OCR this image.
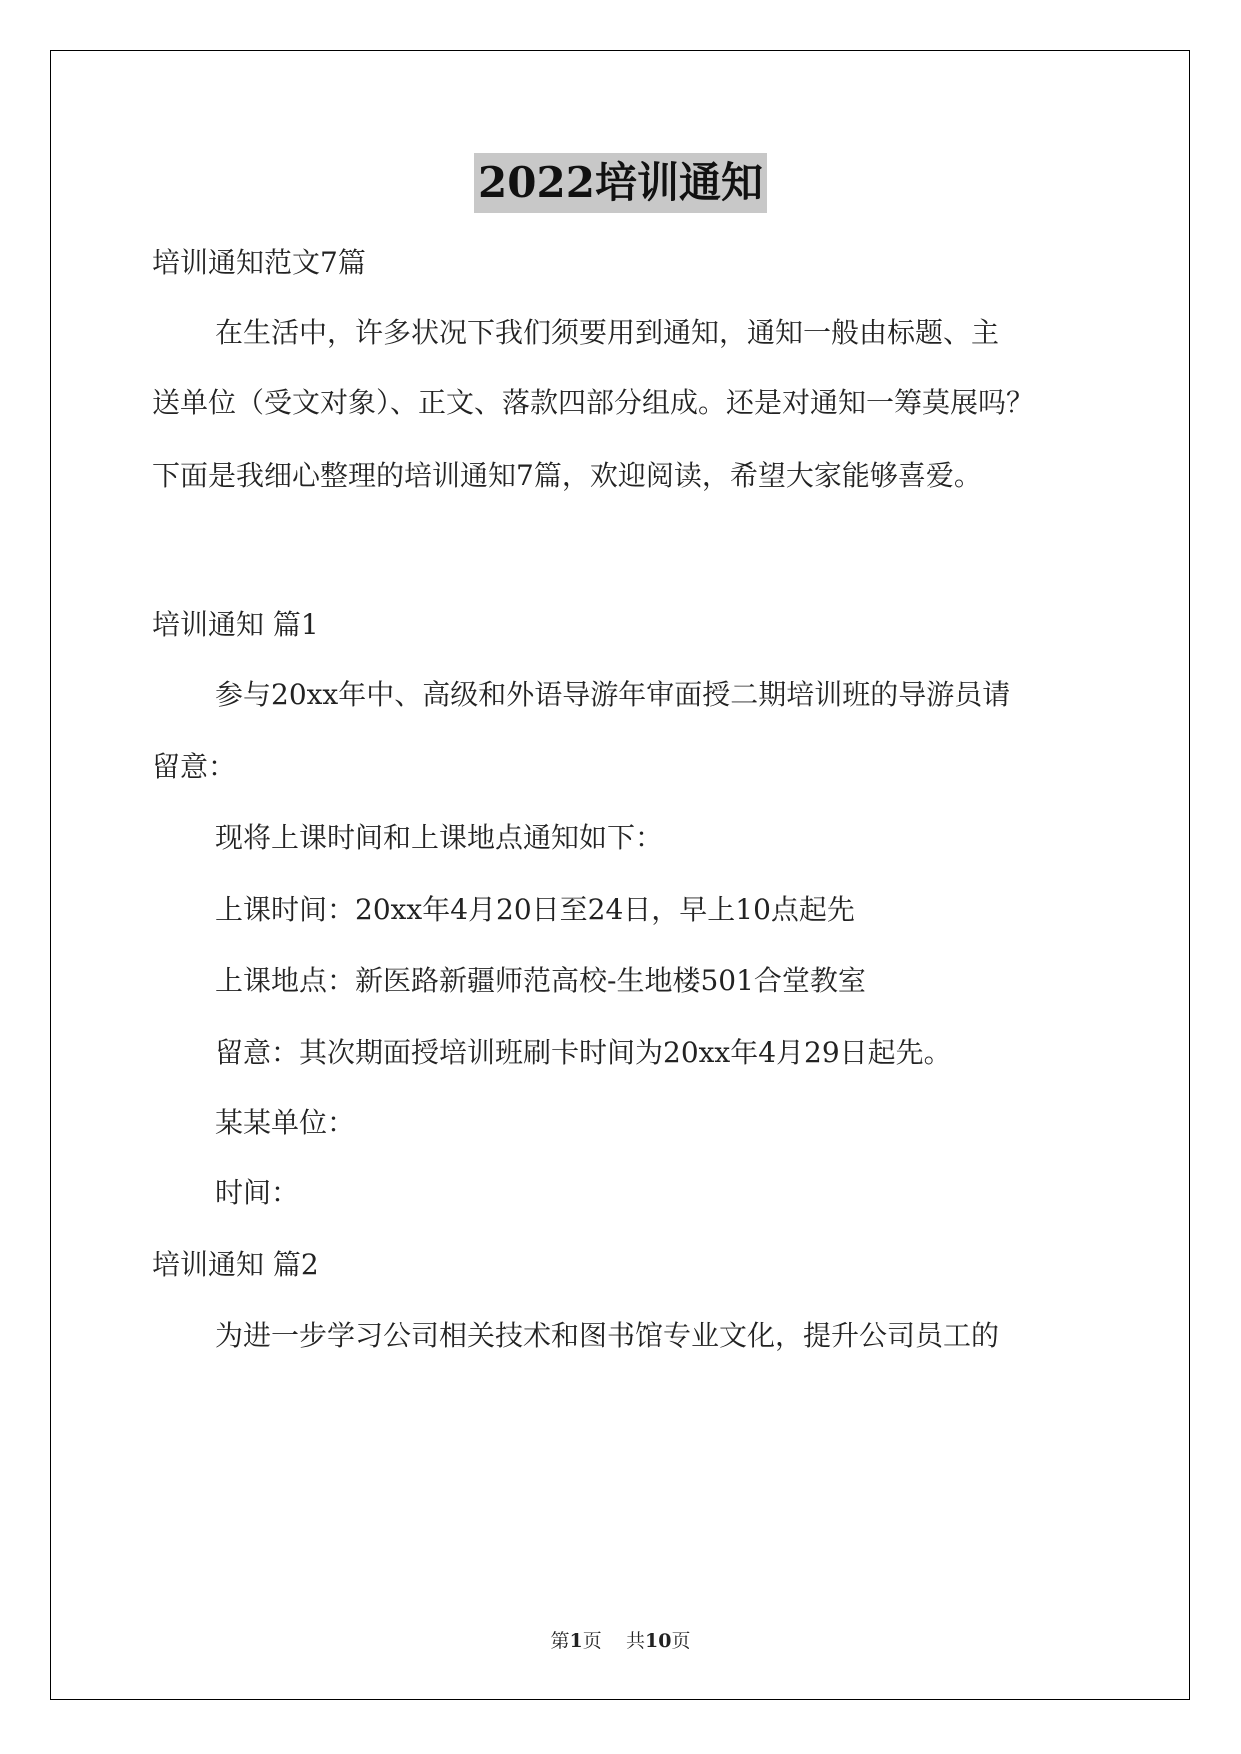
2022培训通知
培训通知范文7篇
在生活中，许多状况下我们须要用到通知，通知一般由标题、主
送单位（受文对象）、正文、落款四部分组成。还是对通知一筹莫展吗？
下面是我细心整理的培训通知7篇，欢迎阅读，希望大家能够喜爱。
培训通知 篇1
参与20xx年中、高级和外语导游年审面授二期培训班的导游员请
留意：
现将上课时间和上课地点通知如下：
上课时间：20xx年4月20日至24日，早上10点起先
上课地点：新医路新疆师范高校-生地楼501合堂教室
留意：其次期面授培训班刷卡时间为20xx年4月29日起先。
某某单位：
时间：
培训通知 篇2
为进一步学习公司相关技术和图书馆专业文化，提升公司员工的
第1页 共10页
